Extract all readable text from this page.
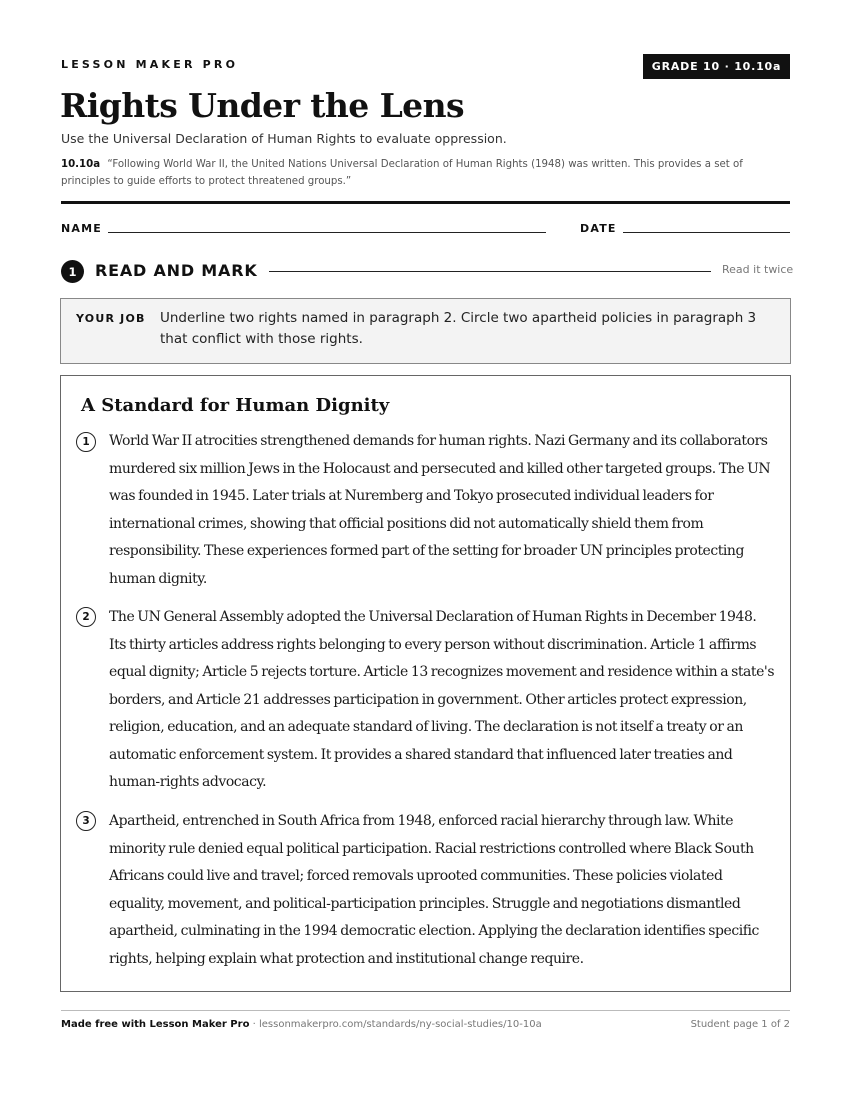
LESSON MAKER PRO	GRADE 10 · 10.10a
Rights Under the Lens
Use the Universal Declaration of Human Rights to evaluate oppression.
10.10a “Following World War II, the United Nations Universal Declaration of Human Rights (1948) was written. This provides a set of principles to guide efforts to protect threatened groups.”
NAME	DATE
1	READ AND MARK	Read it twice
YOUR JOB Underline two rights named in paragraph 2. Circle two apartheid policies in paragraph 3 that conflict with those rights.
A Standard for Human Dignity
1	World War II atrocities strengthened demands for human rights. Nazi Germany and its collaborators murdered six million Jews in the Holocaust and persecuted and killed other targeted groups. The UN was founded in 1945. Later trials at Nuremberg and Tokyo prosecuted individual leaders for international crimes, showing that official positions did not automatically shield them from responsibility. These experiences formed part of the setting for broader UN principles protecting human dignity.
2	The UN General Assembly adopted the Universal Declaration of Human Rights in December 1948. Its thirty articles address rights belonging to every person without discrimination. Article 1 affirms equal dignity; Article 5 rejects torture. Article 13 recognizes movement and residence within a state's borders, and Article 21 addresses participation in government. Other articles protect expression, religion, education, and an adequate standard of living. The declaration is not itself a treaty or an automatic enforcement system. It provides a shared standard that influenced later treaties and human-rights advocacy.
3	Apartheid, entrenched in South Africa from 1948, enforced racial hierarchy through law. White minority rule denied equal political participation. Racial restrictions controlled where Black South Africans could live and travel; forced removals uprooted communities. These policies violated equality, movement, and political-participation principles. Struggle and negotiations dismantled apartheid, culminating in the 1994 democratic election. Applying the declaration identifies specific rights, helping explain what protection and institutional change require.
Made free with Lesson Maker Pro · lessonmakerpro.com/standards/ny-social-studies/10-10a	Student page 1 of 2
